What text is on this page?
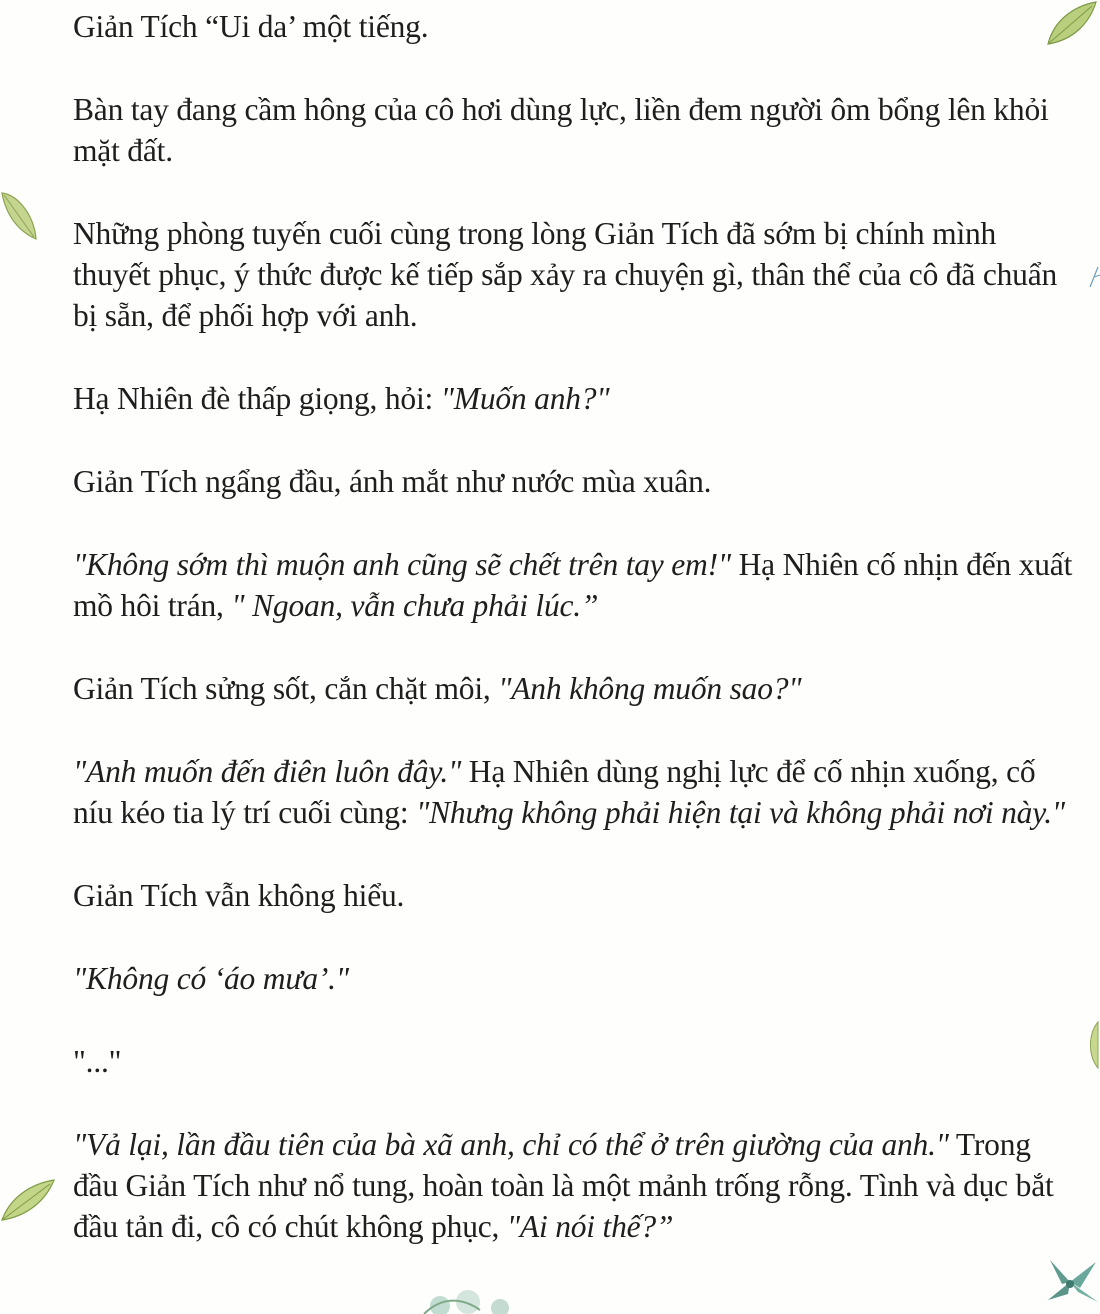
Giản Tích “Ui da’ một tiếng.

Bàn tay đang cầm hông của cô hơi dùng lực, liền đem người ôm bổng lên khỏi mặt đất.

Những phòng tuyến cuối cùng trong lòng Giản Tích đã sớm bị chính mình thuyết phục, ý thức được kế tiếp sắp xảy ra chuyện gì, thân thể của cô đã chuẩn bị sẵn, để phối hợp với anh.

Hạ Nhiên đè thấp giọng, hỏi: "Muốn anh?"

Giản Tích ngẩng đầu, ánh mắt như nước mùa xuân.

"Không sớm thì muộn anh cũng sẽ chết trên tay em!" Hạ Nhiên cố nhịn đến xuất mồ hôi trán, " Ngoan, vẫn chưa phải lúc.”

Giản Tích sửng sốt, cắn chặt môi, "Anh không muốn sao?"

"Anh muốn đến điên luôn đây." Hạ Nhiên dùng nghị lực để cố nhịn xuống, cố níu kéo tia lý trí cuối cùng: "Nhưng không phải hiện tại và không phải nơi này."

Giản Tích vẫn không hiểu.

"Không có ‘áo mưa’."

"..."

"Vả lại, lần đầu tiên của bà xã anh, chỉ có thể ở trên giường của anh." Trong đầu Giản Tích như nổ tung, hoàn toàn là một mảnh trống rỗng. Tình và dục bắt đầu tản đi, cô có chút không phục, "Ai nói thế?”
